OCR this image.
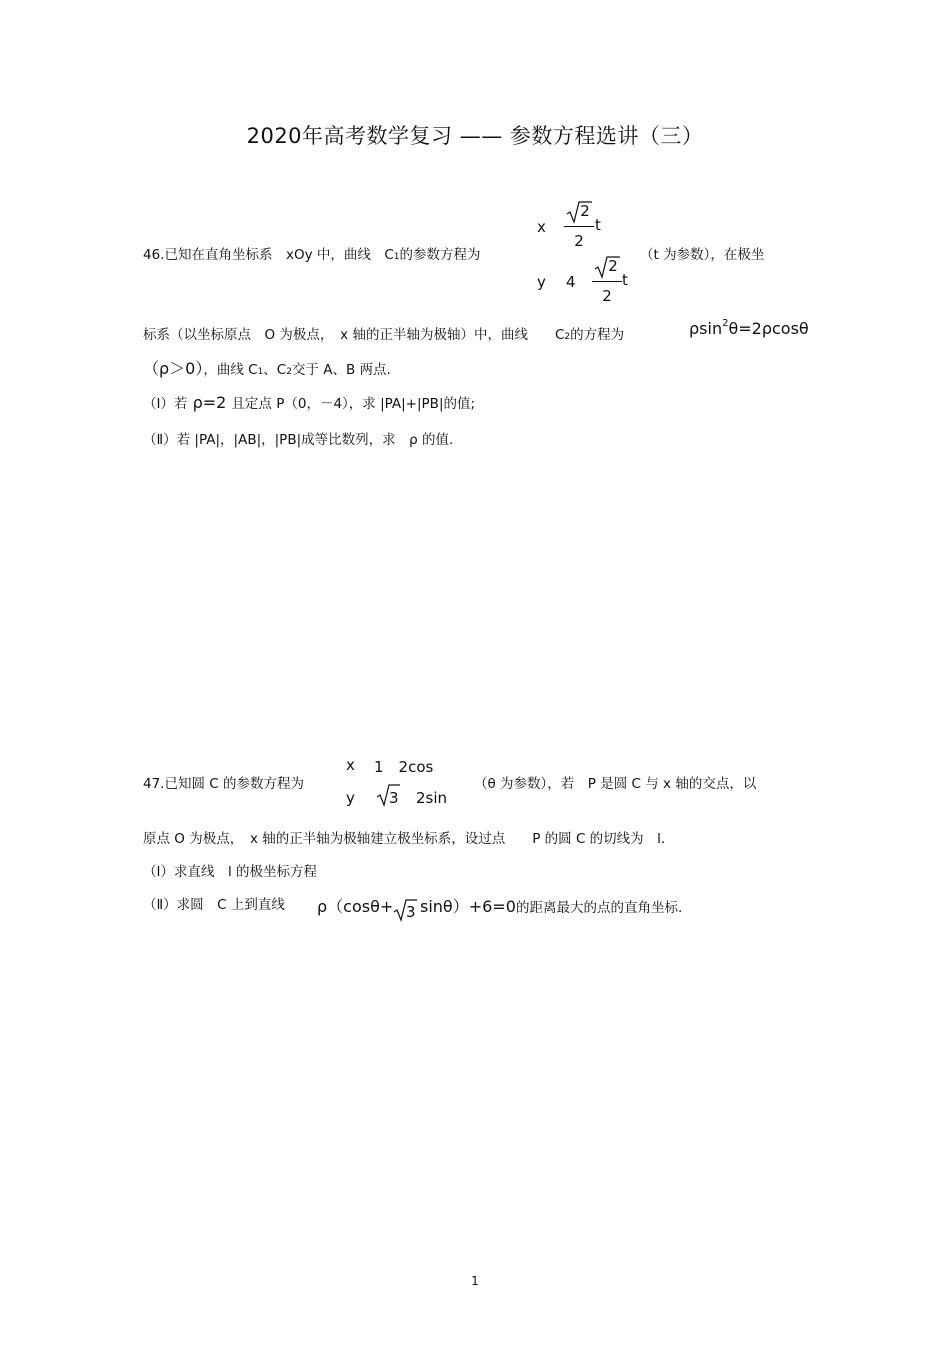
2020年高考数学复习 —— 参数方程选讲（三）
46.已知在直角坐标系　xOy 中，曲线　C1的参数方程为
x
2
2
t
y 4
2
2
t
（t 为参数），在极坐
标系（以坐标原点　O 为极点，　x 轴的正半轴为极轴）中，曲线　　C2的方程为	ρsin$^2$θ=2ρcosθ
（ρ＞0），曲线 C1、C2交于 A、B 两点.
（Ⅰ）若 ρ=2 且定点 P（0，－4），求 |PA|+|PB|的值;
（Ⅱ）若 |PA|，|AB|，|PB|成等比数列，求　ρ 的值.
47.已知圆 C 的参数方程为
x 1　2cos
y 3 2sin
（θ 为参数），若　P 是圆 C 与 x 轴的交点，以
原点 O 为极点，　x 轴的正半轴为极轴建立极坐标系，设过点　　P 的圆 C 的切线为　l.
（Ⅰ）求直线　l 的极坐标方程
（Ⅱ）求圆　C 上到直线 ρ（cosθ+ 3 sinθ）+6=0 的距离最大的点的直角坐标.
1
